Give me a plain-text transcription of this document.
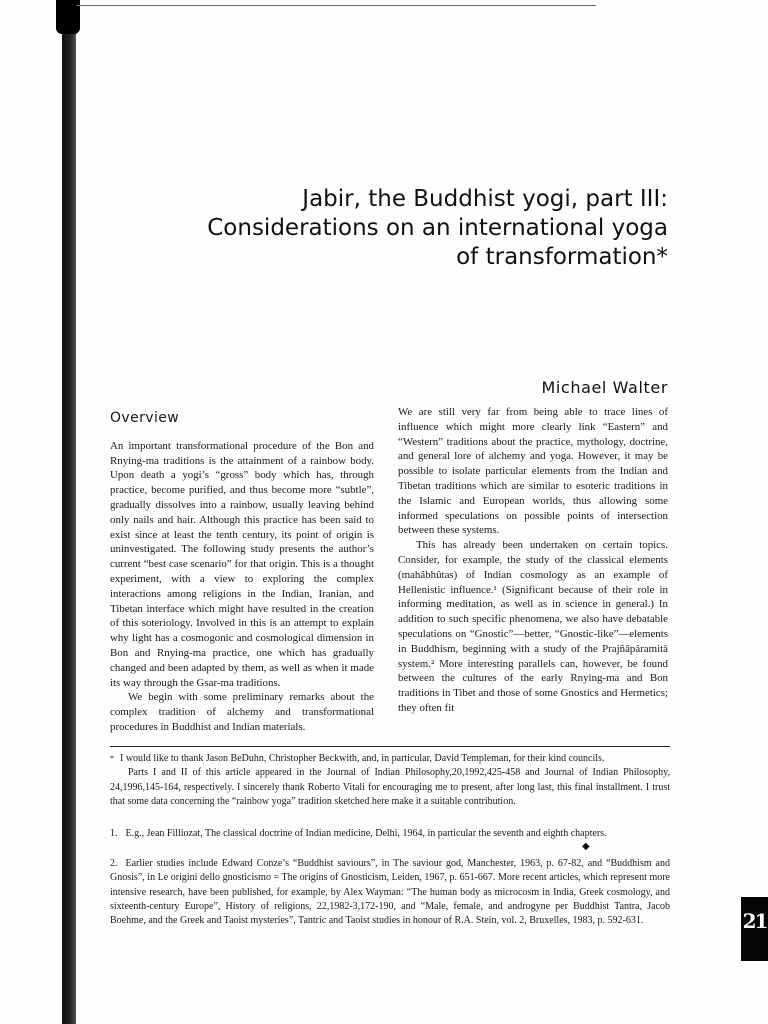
Jabir, the Buddhist yogi, part III:
Considerations on an international yoga
of transformation*
Michael Walter
Overview

An important transformational procedure of the Bon and Rnying-ma traditions is the attainment of a rainbow body. Upon death a yogi’s “gross” body which has, through practice, become purified, and thus become more “subtle”, gradually dissolves into a rainbow, usually leaving behind only nails and hair. Although this practice has been said to exist since at least the tenth century, its point of origin is uninvestigated. The following study presents the author’s current “best case scenario” for that origin. This is a thought experiment, with a view to exploring the complex interactions among religions in the Indian, Iranian, and Tibetan interface which might have resulted in the creation of this soteriology. Involved in this is an attempt to explain why light has a cosmogonic and cosmological dimension in Bon and Rnying-ma practice, one which has gradually changed and been adapted by them, as well as when it made its way through the Gsar-ma traditions.

We begin with some preliminary remarks about the complex tradition of alchemy and transformational procedures in Buddhist and Indian materials.

We are still very far from being able to trace lines of influence which might more clearly link “Eastern” and “Western” traditions about the practice, mythology, doctrine, and general lore of alchemy and yoga. However, it may be possible to isolate particular elements from the Indian and Tibetan traditions which are similar to esoteric traditions in the Islamic and European worlds, thus allowing some informed speculations on possible points of intersection between these systems.

This has already been undertaken on certain topics. Consider, for example, the study of the classical elements (mahâbhûtas) of Indian cosmology as an example of Hellenistic influence.¹ (Significant because of their role in informing meditation, as well as in science in general.) In addition to such specific phenomena, we also have debatable speculations on “Gnostic”—better, “Gnostic-like”—elements in Buddhism, beginning with a study of the Prajñâpâramitâ system.² More interesting parallels can, however, be found between the cultures of the early Rnying-ma and Bon traditions in Tibet and those of some Gnostics and Hermetics; they often fit

* I would like to thank Jason BeDuhn, Christopher Beckwith, and, in particular, David Templeman, for their kind councils.

Parts I and II of this article appeared in the Journal of Indian Philosophy,20,1992,425-458 and Journal of Indian Philosophy, 24,1996,145-164, respectively. I sincerely thank Roberto Vitali for encouraging me to present, after long last, this final installment. I trust that some data concerning the “rainbow yoga” tradition sketched here make it a suitable contribution.

1. E.g., Jean Filliozat, The classical doctrine of Indian medicine, Delhi, 1964, in particular the seventh and eighth chapters.

◆

2. Earlier studies include Edward Conze’s “Buddhist saviours”, in The saviour god, Manchester, 1963, p. 67-82, and “Buddhism and Gnosis”, in Le origini dello gnosticismo = The origins of Gnosticism, Leiden, 1967, p. 651-667. More recent articles, which represent more intensive research, have been published, for example, by Alex Wayman: “The human body as microcosm in India, Greek cosmology, and sixteenth-century Europe”, History of religions, 22,1982-3,172-190, and “Male, female, and androgyne per Buddhist Tantra, Jacob Boehme, and the Greek and Taoist mysteries”, Tantric and Taoist studies in honour of R.A. Stein, vol. 2, Bruxelles, 1983, p. 592-631.	21
